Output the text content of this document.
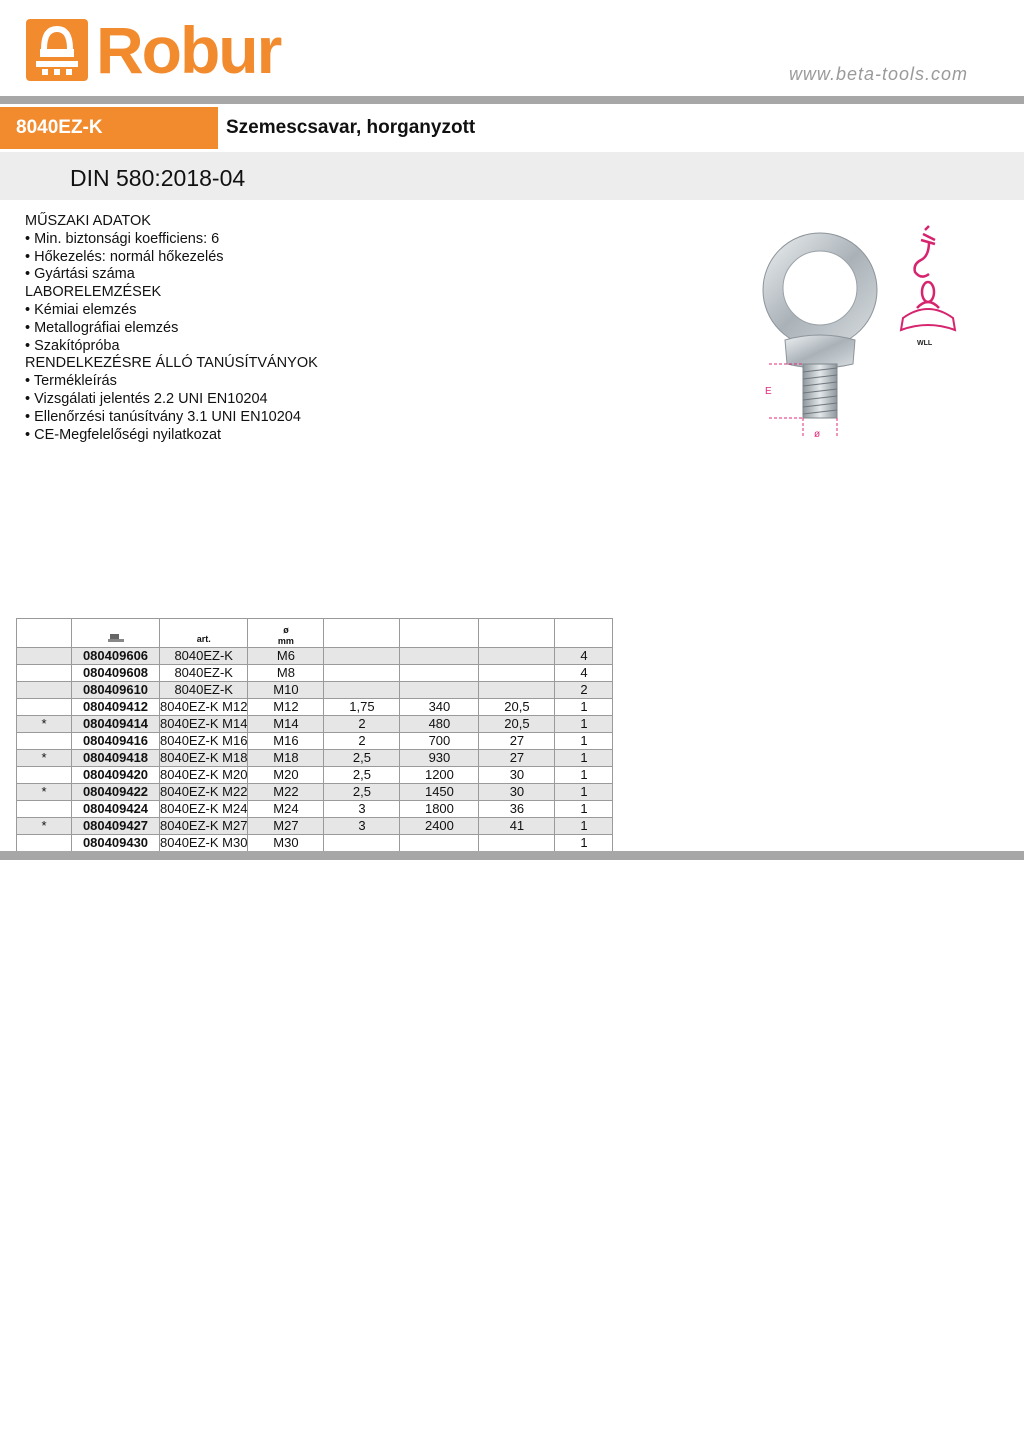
Robur	www.beta-tools.com
8040EZ-K	Szemescsavar, horganyzott
DIN 580:2018-04
MŰSZAKI ADATOK
• Min. biztonsági koefficiens: 6
• Hőkezelés: normál hőkezelés
• Gyártási száma
LABORELEMZÉSEK
• Kémiai elemzés
• Metallográfiai elemzés
• Szakítópróba
RENDELKEZÉSRE ÁLLÓ TANÚSÍTVÁNYOK
• Termékleírás
• Vizsgálati jelentés 2.2 UNI EN10204
• Ellenőrzési tanúsítvány 3.1 UNI EN10204
• CE-Megfelelőségi nyilatkozat
E
ø
WLL
		art.	ø
mm				
	080409606	8040EZ-K	M6				4
	080409608	8040EZ-K	M8				4
	080409610	8040EZ-K	M10				2
	080409412	8040EZ-K M12	M12	1,75	340	20,5	1
*	080409414	8040EZ-K M14	M14	2	480	20,5	1
	080409416	8040EZ-K M16	M16	2	700	27	1
*	080409418	8040EZ-K M18	M18	2,5	930	27	1
	080409420	8040EZ-K M20	M20	2,5	1200	30	1
*	080409422	8040EZ-K M22	M22	2,5	1450	30	1
	080409424	8040EZ-K M24	M24	3	1800	36	1
*	080409427	8040EZ-K M27	M27	3	2400	41	1
	080409430	8040EZ-K M30	M30				1
